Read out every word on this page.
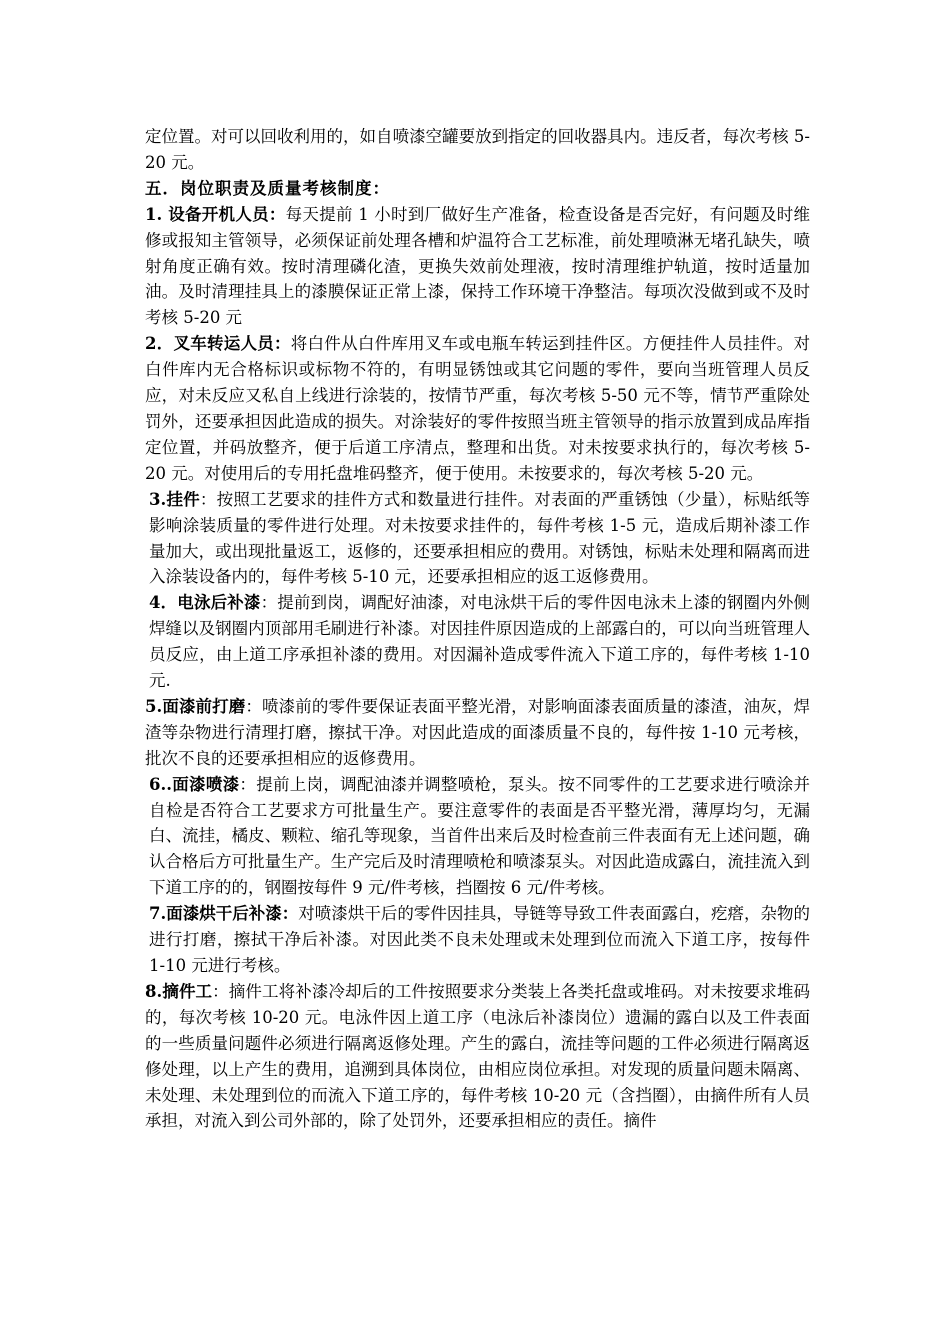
定位置。对可以回收利用的，如自喷漆空罐要放到指定的回收器具内。违反者，每次考核 5-20 元。

五．岗位职责及质量考核制度：

1. 设备开机人员：每天提前 1 小时到厂做好生产准备，检查设备是否完好，有问题及时维修或报知主管领导，必须保证前处理各槽和炉温符合工艺标准，前处理喷淋无堵孔缺失，喷射角度正确有效。按时清理磷化渣，更换失效前处理液，按时清理维护轨道，按时适量加油。及时清理挂具上的漆膜保证正常上漆，保持工作环境干净整洁。每项次没做到或不及时考核 5-20 元

2．叉车转运人员：将白件从白件库用叉车或电瓶车转运到挂件区。方便挂件人员挂件。对白件库内无合格标识或标物不符的，有明显锈蚀或其它问题的零件，要向当班管理人员反应，对未反应又私自上线进行涂装的，按情节严重，每次考核 5-50 元不等，情节严重除处罚外，还要承担因此造成的损失。对涂装好的零件按照当班主管领导的指示放置到成品库指定位置，并码放整齐，便于后道工序清点，整理和出货。对未按要求执行的，每次考核 5-20 元。对使用后的专用托盘堆码整齐，便于使用。未按要求的，每次考核 5-20 元。

3.挂件：按照工艺要求的挂件方式和数量进行挂件。对表面的严重锈蚀（少量），标贴纸等影响涂装质量的零件进行处理。对未按要求挂件的，每件考核 1-5 元，造成后期补漆工作量加大，或出现批量返工，返修的，还要承担相应的费用。对锈蚀，标贴未处理和隔离而进入涂装设备内的，每件考核 5-10 元，还要承担相应的返工返修费用。

4．电泳后补漆：提前到岗，调配好油漆，对电泳烘干后的零件因电泳未上漆的钢圈内外侧焊缝以及钢圈内顶部用毛刷进行补漆。对因挂件原因造成的上部露白的，可以向当班管理人员反应，由上道工序承担补漆的费用。对因漏补造成零件流入下道工序的，每件考核 1-10 元.

5.面漆前打磨：喷漆前的零件要保证表面平整光滑，对影响面漆表面质量的漆渣，油灰，焊渣等杂物进行清理打磨，擦拭干净。对因此造成的面漆质量不良的，每件按 1-10 元考核，批次不良的还要承担相应的返修费用。

6..面漆喷漆：提前上岗，调配油漆并调整喷枪，泵头。按不同零件的工艺要求进行喷涂并自检是否符合工艺要求方可批量生产。要注意零件的表面是否平整光滑，薄厚均匀，无漏白、流挂，橘皮、颗粒、缩孔等现象，当首件出来后及时检查前三件表面有无上述问题，确认合格后方可批量生产。生产完后及时清理喷枪和喷漆泵头。对因此造成露白，流挂流入到下道工序的的，钢圈按每件 9 元/件考核，挡圈按 6 元/件考核。

7.面漆烘干后补漆：对喷漆烘干后的零件因挂具，导链等导致工件表面露白，疙瘩，杂物的进行打磨，擦拭干净后补漆。对因此类不良未处理或未处理到位而流入下道工序，按每件 1-10 元进行考核。

8.摘件工：摘件工将补漆冷却后的工件按照要求分类装上各类托盘或堆码。对未按要求堆码的，每次考核 10-20 元。电泳件因上道工序（电泳后补漆岗位）遗漏的露白以及工件表面的一些质量问题件必须进行隔离返修处理。产生的露白，流挂等问题的工件必须进行隔离返修处理，以上产生的费用，追溯到具体岗位，由相应岗位承担。对发现的质量问题未隔离、未处理、未处理到位的而流入下道工序的，每件考核 10-20 元（含挡圈），由摘件所有人员承担，对流入到公司外部的，除了处罚外，还要承担相应的责任。摘件
